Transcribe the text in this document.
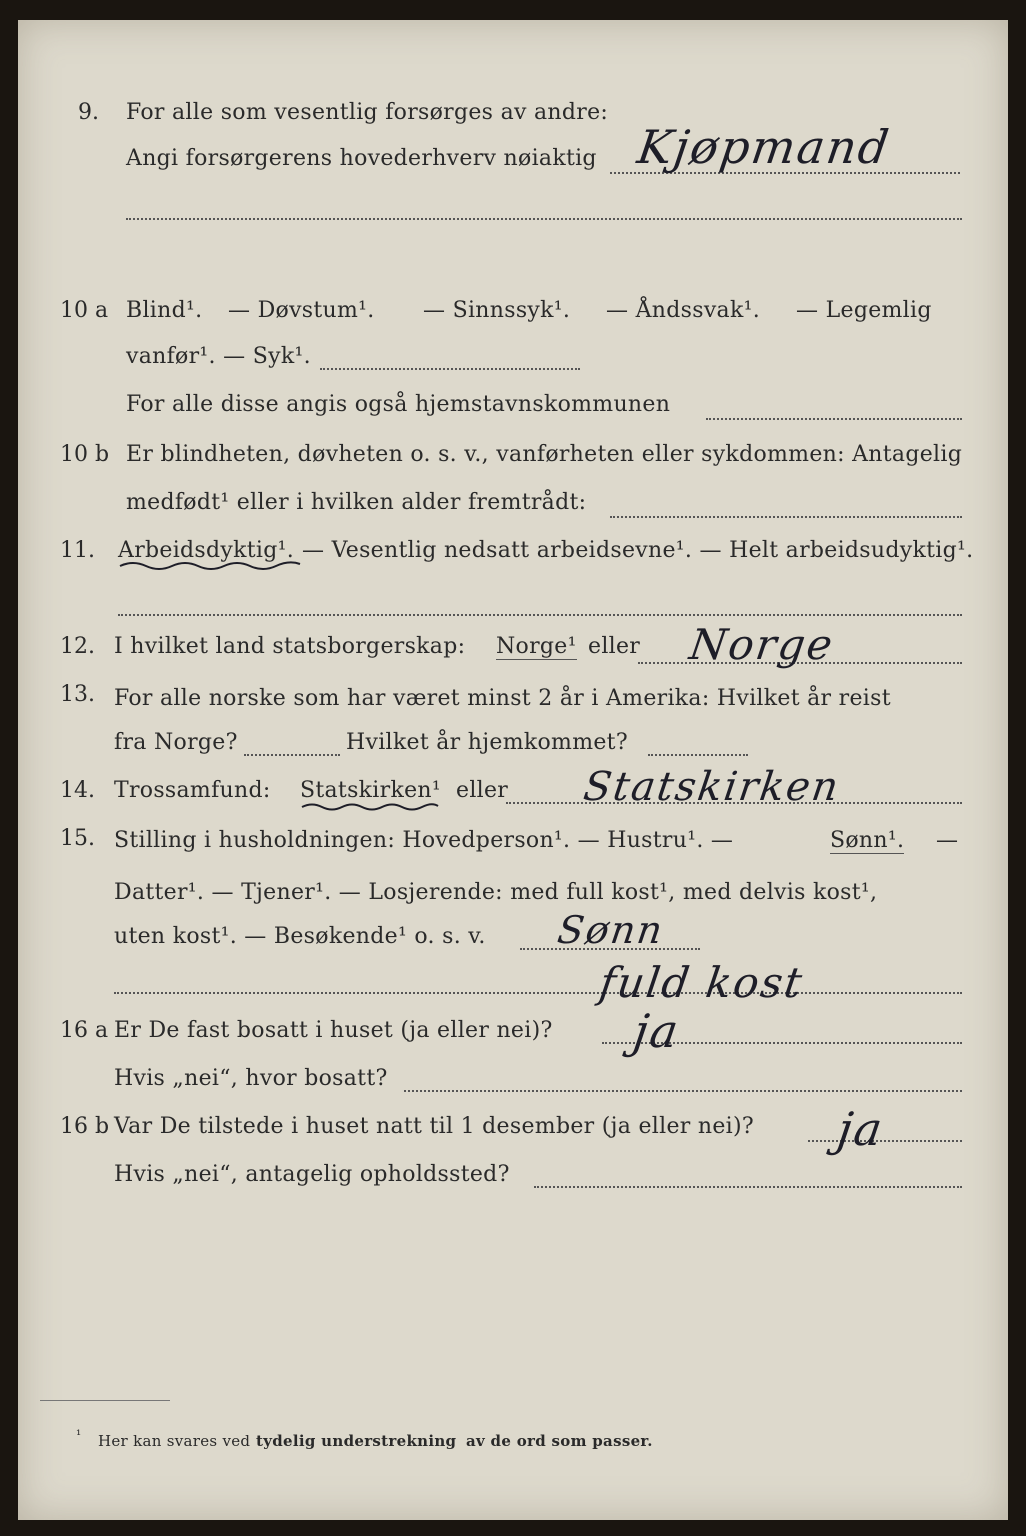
9. For alle som vesentlig forsørges av andre:
Angi forsørgerens hovederhverv nøiaktig Kjøpmand
10 a Blind¹. — Døvstum¹. — Sinnssyk¹. — Åndssvak¹. — Legemlig
vanfør¹. — Syk¹.
For alle disse angis også hjemstavnskommunen
10 b Er blindheten, døvheten o. s. v., vanførheten eller sykdommen: Antagelig
medfødt¹ eller i hvilken alder fremtrådt:
11. Arbeidsdyktig¹. — Vesentlig nedsatt arbeidsevne¹. — Helt arbeidsudyktig¹.
12. I hvilket land statsborgerskap: Norge¹ eller Norge
13. For alle norske som har været minst 2 år i Amerika: Hvilket år reist
fra Norge?	Hvilket år hjemkommet?
14. Trossamfund: Statskirken¹ eller Statskirken
15. Stilling i husholdningen: Hovedperson¹. — Hustru¹. —	Sønn¹. —
Datter¹. — Tjener¹. — Losjerende: med full kost¹, med delvis kost¹,
uten kost¹. — Besøkende¹ o. s. v. Sønn
fuld kost
16 a Er De fast bosatt i huset (ja eller nei)? ja
Hvis „nei“, hvor bosatt?
16 b Var De tilstede i huset natt til 1 desember (ja eller nei)? ja
Hvis „nei“, antagelig opholdssted?
¹ Her kan svares ved tydelig understrekning av de ord som passer.
